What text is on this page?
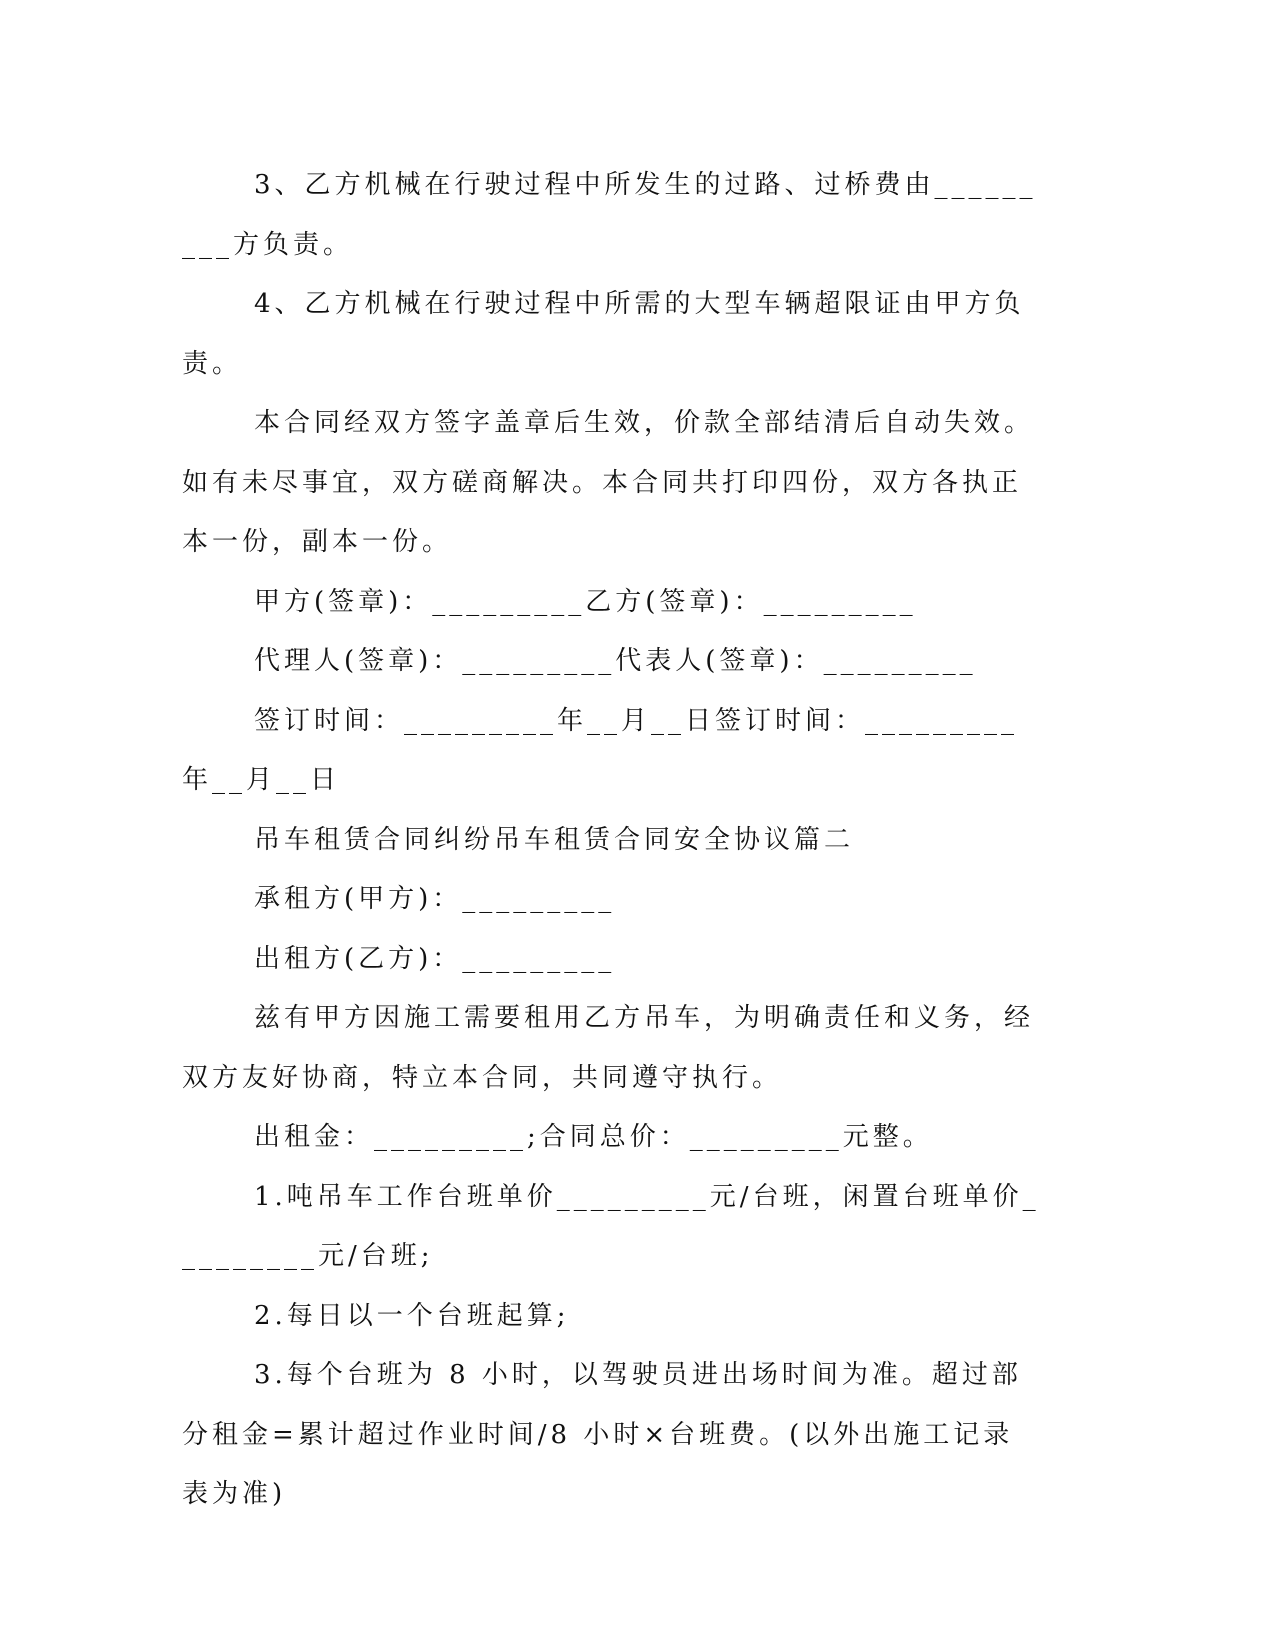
3、乙方机械在行驶过程中所发生的过路、过桥费由_________方负责。

4、乙方机械在行驶过程中所需的大型车辆超限证由甲方负责。

本合同经双方签字盖章后生效，价款全部结清后自动失效。如有未尽事宜，双方磋商解决。本合同共打印四份，双方各执正本一份，副本一份。

甲方(签章)：_________乙方(签章)：_________

代理人(签章)：_________代表人(签章)：_________

签订时间：_________年__月__日签订时间：_________年__月__日

吊车租赁合同纠纷吊车租赁合同安全协议篇二

承租方(甲方)：_________

出租方(乙方)：_________

兹有甲方因施工需要租用乙方吊车，为明确责任和义务，经双方友好协商，特立本合同，共同遵守执行。

出租金：_________;合同总价：_________元整。

1.吨吊车工作台班单价_________元/台班，闲置台班单价_________元/台班;

2.每日以一个台班起算;

3.每个台班为 8 小时，以驾驶员进出场时间为准。超过部分租金=累计超过作业时间/8 小时×台班费。(以外出施工记录表为准)
